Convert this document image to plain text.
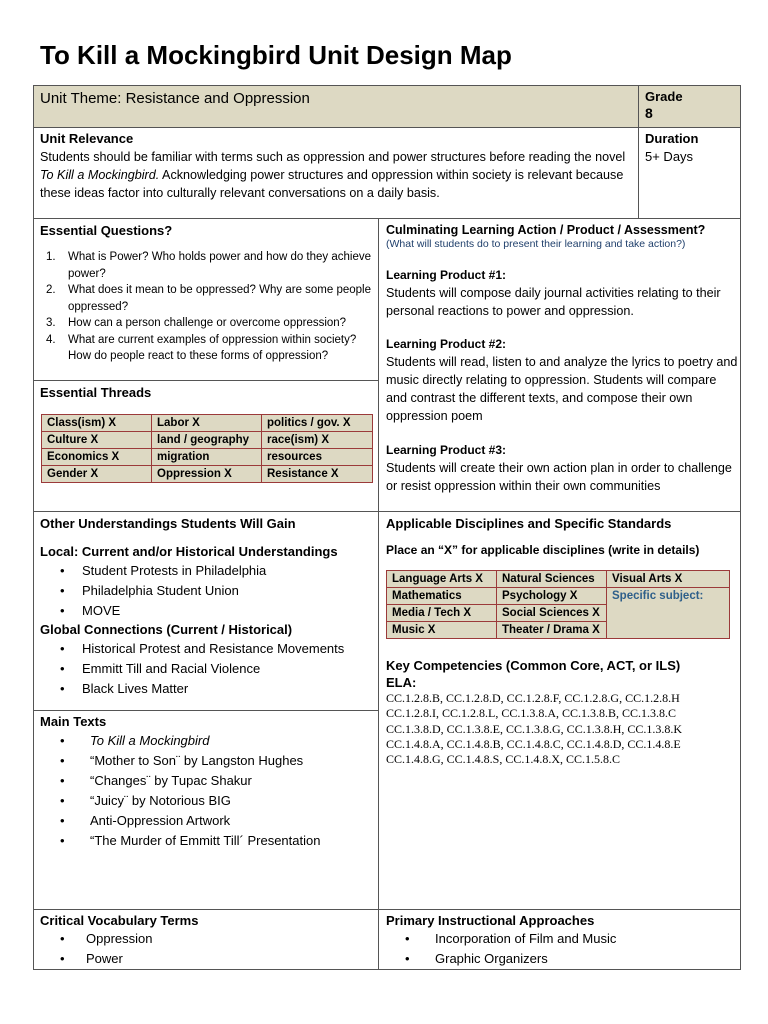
To Kill a Mockingbird Unit Design Map
Unit Theme: Resistance and Oppression	Grade
8
Unit Relevance
Students should be familiar with terms such as oppression and power structures before reading the novel
To Kill a Mockingbird. Acknowledging power structures and oppression within society is relevant because
these ideas factor into culturally relevant conversations on a daily basis.
Duration
5+ Days
Essential Questions?
1. What is Power? Who holds power and how do they achieve
power?
2. What does it mean to be oppressed? Why are some people
oppressed?
3. How can a person challenge or overcome oppression?
4. What are current examples of oppression within society?
How do people react to these forms of oppression?
Essential Threads
Class(ism) X	Labor X	politics / gov. X
Culture X	land / geography	race(ism) X
Economics X	migration	resources
Gender X	Oppression X	Resistance X
Culminating Learning Action / Product / Assessment?
(What will students do to present their learning and take action?)
Learning Product #1:
Students will compose daily journal activities relating to their
personal reactions to power and oppression.
Learning Product #2:
Students will read, listen to and analyze the lyrics to poetry and
music directly relating to oppression. Students will compare
and contrast the different texts, and compose their own
oppression poem
Learning Product #3:
Students will create their own action plan in order to challenge
or resist oppression within their own communities
Other Understandings Students Will Gain
Local: Current and/or Historical Understandings
• Student Protests in Philadelphia
• Philadelphia Student Union
• MOVE
Global Connections (Current / Historical)
• Historical Protest and Resistance Movements
• Emmitt Till and Racial Violence
• Black Lives Matter
Main Texts
• To Kill a Mockingbird
• “Mother to Son¨ by Langston Hughes
• “Changes¨ by Tupac Shakur
• “Juicy¨ by Notorious BIG
• Anti-Oppression Artwork
• “The Murder of Emmitt Till´ Presentation
Applicable Disciplines and Specific Standards
Place an “X” for applicable disciplines (write in details)
Language Arts X	Natural Sciences	Visual Arts X
Mathematics	Psychology X	Specific subject:
Media / Tech X	Social Sciences X	
Music X	Theater / Drama X	
Key Competencies (Common Core, ACT, or ILS)
ELA:
CC.1.2.8.B, CC.1.2.8.D, CC.1.2.8.F, CC.1.2.8.G, CC.1.2.8.H
CC.1.2.8.I, CC.1.2.8.L, CC.1.3.8.A, CC.1.3.8.B, CC.1.3.8.C
CC.1.3.8.D, CC.1.3.8.E, CC.1.3.8.G, CC.1.3.8.H, CC.1.3.8.K
CC.1.4.8.A, CC.1.4.8.B, CC.1.4.8.C, CC.1.4.8.D, CC.1.4.8.E
CC.1.4.8.G, CC.1.4.8.S, CC.1.4.8.X, CC.1.5.8.C
Critical Vocabulary Terms
• Oppression
• Power
Primary Instructional Approaches
• Incorporation of Film and Music
• Graphic Organizers
